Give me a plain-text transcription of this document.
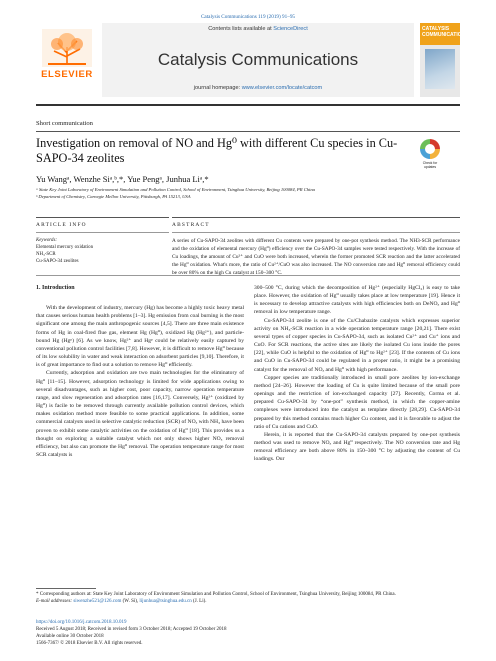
Catalysis Communications 119 (2019) 91–95
ELSEVIER
Contents lists available at ScienceDirect
Catalysis Communications
journal homepage: www.elsevier.com/locate/catcom
CATALYSIS COMMUNICATIONS
Short communication
Investigation on removal of NO and Hg⁰ with different Cu species in Cu-SAPO-34 zeolites	Check for updates
Yu Wangᵃ, Wenzhe Siᵃ,ᵇ,*, Yue Pengᵃ, Junhua Liᵃ,*
ᵃ State Key Joint Laboratory of Environment Simulation and Pollution Control, School of Environment, Tsinghua University, Beijing 100084, PR China
ᵇ Department of Chemistry, Carnegie Mellon University, Pittsburgh, PA 15213, USA
ARTICLE INFO	ABSTRACT
Keywords:
Elemental mercury oxidation
NH₃-SCR
Cu-SAPO-34 zeolites
A series of Cu-SAPO-34 zeolites with different Cu contents were prepared by one-pot synthesis method. The NH3-SCR performance and the oxidation of elemental mercury (Hg⁰) efficiency over the Cu-SAPO-34 samples were tested respectively. With the increase of Cu loadings, the amount of Cu²⁺ and CuO were both increased, wherein the former promoted SCR reaction and the latter accelerated the Hg⁰ oxidation. What's more, the ratio of Cu²⁺/CuO was also increased. The NO conversion rate and Hg⁰ removal efficiency could be over 80% on the high Cu catalyst at 150–300 °C.

1. Introduction

With the development of industry, mercury (Hg) has become a highly toxic heavy metal that causes serious human health problems [1–3]. Hg emission from coal burning is the most significant one among the main anthropogenic sources [4,5]. There are three main existence forms of Hg in coal-fired flue gas, element Hg (Hg⁰), oxidized Hg (Hg²⁺), and particle-bound Hg (Hgᵖ) [6]. As we know, Hg²⁺ and Hgᵖ could be relatively easily captured by conventional pollution control facilities [7,8]. However, it is difficult to remove Hg⁰ because of its low solubility in water and weak interaction on adsorbent particles [9,10]. Therefore, it is of great importance to find out a solution to remove Hg⁰ efficiently.

Currently, adsorption and oxidation are two main technologies for the eliminatory of Hg⁰ [11–15]. However, adsorption technology is limited for wide applications owing to several disadvantages, such as higher cost, poor capacity, narrow operation temperature range, and slow regeneration and adsorption rates [16,17]. Conversely, Hg²⁺ (oxidized by Hg⁰) is facile to be removed through currently available pollution control devices, which makes oxidation method more feasible to some practical applications. In addition, some commercial catalysts used in selective catalytic reduction (SCR) of NOₓ with NH₃ have been proven to exhibit some catalytic activities on the oxidation of Hg⁰ [18]. This provides us a thought on exploring a suitable catalyst which not only shows higher NOₓ removal efficiency, but also can promote the Hg⁰ removal. The operation temperature range for most SCR catalysts is

300–500 °C, during which the decomposition of Hg²⁺ (especially HgCl₂) is easy to take place. However, the oxidation of Hg⁰ usually takes place at low temperature [19]. Hence it is necessary to develop attractive catalysts with high efficiencies both on DeNOₓ and Hg⁰ removal in low temperature range.

Cu-SAPO-34 zeolite is one of the Cu/Chabazite catalysts which expresses superior activity on NH₃-SCR reaction in a wide operation temperature range [20,21]. There exist several types of copper species in Cu-SAPO-34, such as isolated Cu²⁺ and Cu⁺ ions and CuO. For SCR reactions, the active sites are likely the isolated Cu ions inside the pores [22], while CuO is helpful to the oxidation of Hg⁰ to Hg²⁺ [23]. If the contents of Cu ions and CuO in Cu-SAPO-34 could be regulated in a proper ratio, it might be a promising catalyst for the removal of NOₓ and Hg⁰ with high performance.

Copper species are traditionally introduced in small pore zeolites by ion-exchange method [24–26]. However the loading of Cu is quite limited because of the small pore openings and the restriction of ion-exchanged capacity [27]. Recently, Corma et al. prepared Cu-SAPO-34 by “one-pot” synthesis method, in which the copper-amine complexes were introduced into the catalyst as template directly [28,29]. Cu-SAPO-34 prepared by this method contains much higher Cu content, and it is favorable to adjust the ratio of Cu cations and CuO.

Herein, it is reported that the Cu-SAPO-34 catalysts prepared by one-pot synthesis method was used to remove NOₓ and Hg⁰ respectively. The NO conversion rate and Hg removal efficiency are both above 80% in 150–300 °C by adjusting the content of Cu loadings. Our

* Corresponding authors at: State Key Joint Laboratory of Environment Simulation and Pollution Control, School of Environment, Tsinghua University, Beijing 100084, PR China.
E-mail addresses: siwenzhe521@126.com (W. Si), lijunhua@tsinghua.edu.cn (J. Li).
https://doi.org/10.1016/j.catcom.2018.10.019
Received 5 August 2018; Received in revised form 3 October 2018; Accepted 19 October 2018
Available online 30 October 2018
1566-7367/ © 2018 Elsevier B.V. All rights reserved.
